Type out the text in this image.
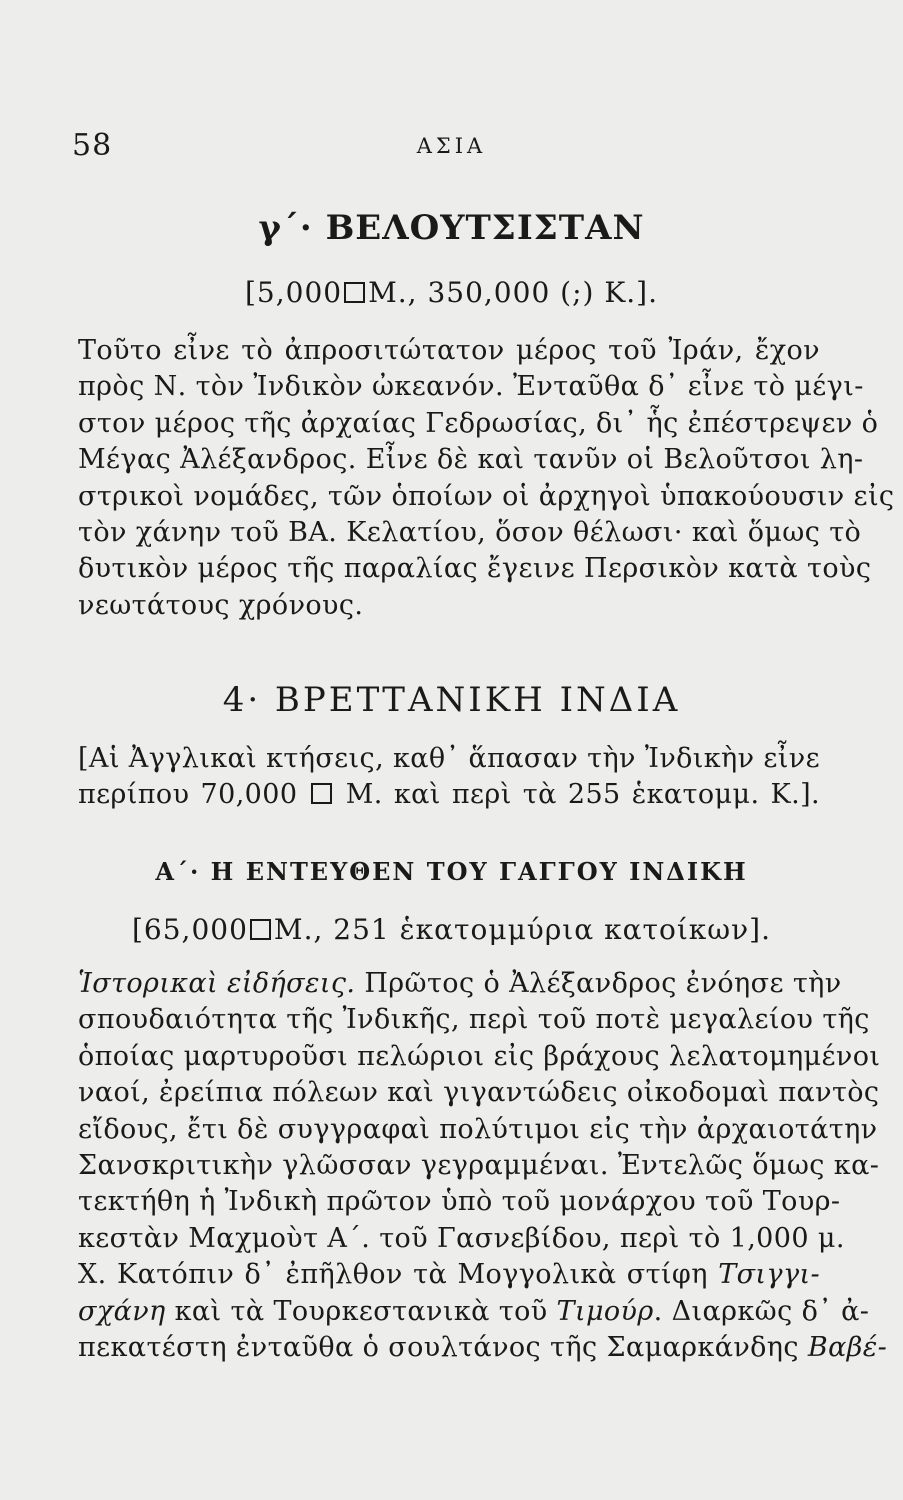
58	ΑΣΙΑ
γ΄· ΒΕΛΟΥΤΣΙΣΤΑΝ
[5,000 Μ., 350,000 (;) Κ.].
Τοῦτο εἶνε τὸ ἀπροσιτώτατον μέρος τοῦ Ἰράν, ἔχον
πρὸς Ν. τὸν Ἰνδικὸν ὠκεανόν. Ἐνταῦθα δ᾿ εἶνε τὸ μέγι-
στον μέρος τῆς ἀρχαίας Γεδρωσίας, δι᾿ ἧς ἐπέστρεψεν ὁ
Μέγας Ἀλέξανδρος. Εἶνε δὲ καὶ τανῦν οἱ Βελοῦτσοι λη-
στρικοὶ νομάδες, τῶν ὁποίων οἱ ἀρχηγοὶ ὑπακούουσιν εἰς
τὸν χάνην τοῦ ΒΑ. Κελατίου, ὅσον θέλωσι· καὶ ὅμως τὸ
δυτικὸν μέρος τῆς παραλίας ἔγεινε Περσικὸν κατὰ τοὺς
νεωτάτους χρόνους.
4· ΒΡΕΤΤΑΝΙΚΗ ΙΝΔΙΑ
[Αἱ Ἀγγλικαὶ κτήσεις, καθ᾿ ἅπασαν τὴν Ἰνδικὴν εἶνε
περίπου 70,000 Μ. καὶ περὶ τὰ 255 ἑκατομμ. Κ.].
Α΄· Η ΕΝΤΕΥΘΕΝ ΤΟΥ ΓΑΓΓΟΥ ΙΝΔΙΚΗ
[65,000 Μ., 251 ἑκατομμύρια κατοίκων].
Ἱστορικαὶ εἰδήσεις. Πρῶτος ὁ Ἀλέξανδρος ἐνόησε τὴν
σπουδαιότητα τῆς Ἰνδικῆς, περὶ τοῦ ποτὲ μεγαλείου τῆς
ὁποίας μαρτυροῦσι πελώριοι εἰς βράχους λελατομημένοι
ναοί, ἐρείπια πόλεων καὶ γιγαντώδεις οἰκοδομαὶ παντὸς
εἴδους, ἔτι δὲ συγγραφαὶ πολύτιμοι εἰς τὴν ἀρχαιοτάτην
Σανσκριτικὴν γλῶσσαν γεγραμμέναι. Ἐντελῶς ὅμως κα-
τεκτήθη ἡ Ἰνδικὴ πρῶτον ὑπὸ τοῦ μονάρχου τοῦ Τουρ-
κεστὰν Μαχμοὺτ Α΄. τοῦ Γασνεβίδου, περὶ τὸ 1,000 μ.
Χ. Κατόπιν δ᾿ ἐπῆλθον τὰ Μογγολικὰ στίφη Τσιγγι-
σχάνη καὶ τὰ Τουρκεστανικὰ τοῦ Τιμούρ. Διαρκῶς δ᾿ ἀ-
πεκατέστη ἐνταῦθα ὁ σουλτάνος τῆς Σαμαρκάνδης Βαβέ-
